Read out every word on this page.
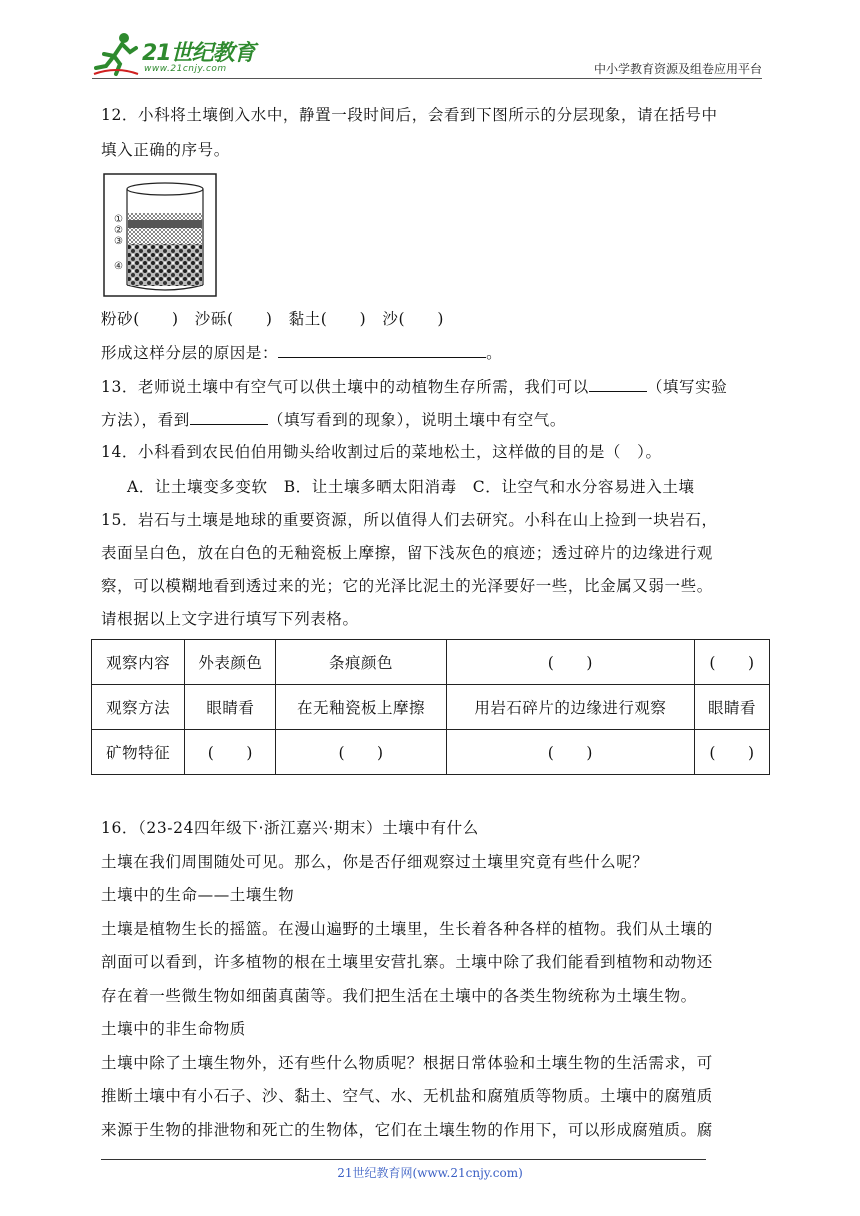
21世纪教育
www.21cnjy.com	中小学教育资源及组卷应用平台
12．小科将土壤倒入水中，静置一段时间后，会看到下图所示的分层现象，请在括号中
填入正确的序号。
①
②
③
④
粉砂(　　)　沙砾(　　)　黏土(　　)　沙(　　)
形成这样分层的原因是：	。
13．老师说土壤中有空气可以供土壤中的动植物生存所需，我们可以	（填写实验
方法），看到	（填写看到的现象），说明土壤中有空气。
14．小科看到农民伯伯用锄头给收割过后的菜地松土，这样做的目的是（　）。
A．让土壤变多变软　B．让土壤多晒太阳消毒　C．让空气和水分容易进入土壤
15．岩石与土壤是地球的重要资源，所以值得人们去研究。小科在山上捡到一块岩石，
表面呈白色，放在白色的无釉瓷板上摩擦，留下浅灰色的痕迹；透过碎片的边缘进行观
察，可以模糊地看到透过来的光；它的光泽比泥土的光泽要好一些，比金属又弱一些。
请根据以上文字进行填写下列表格。
观察内容	外表颜色	条痕颜色	(　　)	(　　)
观察方法	眼睛看	在无釉瓷板上摩擦	用岩石碎片的边缘进行观察	眼睛看
矿物特征	(　　)	(　　)	(　　)	(　　)
16．（23-24四年级下·浙江嘉兴·期末）土壤中有什么
土壤在我们周围随处可见。那么，你是否仔细观察过土壤里究竟有些什么呢？
土壤中的生命——土壤生物
土壤是植物生长的摇篮。在漫山遍野的土壤里，生长着各种各样的植物。我们从土壤的
剖面可以看到，许多植物的根在土壤里安营扎寨。土壤中除了我们能看到植物和动物还
存在着一些微生物如细菌真菌等。我们把生活在土壤中的各类生物统称为土壤生物。
土壤中的非生命物质
土壤中除了土壤生物外，还有些什么物质呢？根据日常体验和土壤生物的生活需求，可
推断土壤中有小石子、沙、黏土、空气、水、无机盐和腐殖质等物质。土壤中的腐殖质
来源于生物的排泄物和死亡的生物体，它们在土壤生物的作用下，可以形成腐殖质。腐
21世纪教育网(www.21cnjy.com)
